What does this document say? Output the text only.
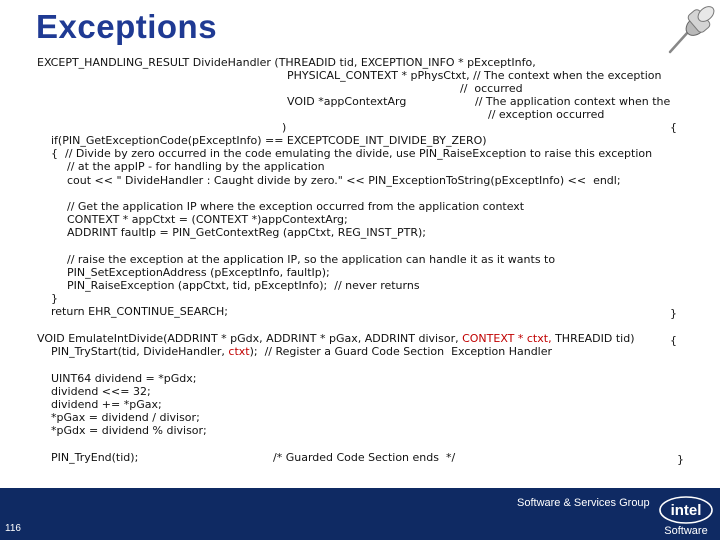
Exceptions
EXCEPT_HANDLING_RESULT DivideHandler (THREADID tid, EXCEPTION_INFO * pExceptInfo,
PHYSICAL_CONTEXT * pPhysCtxt, // The context when the exception
//  occurred
VOID *appContextArg	// The application context when the
// exception occurred
)	{
if(PIN_GetExceptionCode(pExceptInfo) == EXCEPTCODE_INT_DIVIDE_BY_ZERO)
{  // Divide by zero occurred in the code emulating the divide, use PIN_RaiseException to raise this exception
// at the appIP - for handling by the application
cout << " DivideHandler : Caught divide by zero." << PIN_ExceptionToString(pExceptInfo) <<  endl;
// Get the application IP where the exception occurred from the application context
CONTEXT * appCtxt = (CONTEXT *)appContextArg;
ADDRINT faultIp = PIN_GetContextReg (appCtxt, REG_INST_PTR);
// raise the exception at the application IP, so the application can handle it as it wants to
PIN_SetExceptionAddress (pExceptInfo, faultIp);
PIN_RaiseException (appCtxt, tid, pExceptInfo);  // never returns
}
return EHR_CONTINUE_SEARCH;	}
VOID EmulateIntDivide(ADDRINT * pGdx, ADDRINT * pGax, ADDRINT divisor, CONTEXT * ctxt, THREADID tid)	{
PIN_TryStart(tid, DivideHandler, ctxt);  // Register a Guard Code Section  Exception Handler
UINT64 dividend = *pGdx;
dividend <<= 32;
dividend += *pGax;
*pGax = dividend / divisor;
*pGdx = dividend % divisor;
PIN_TryEnd(tid);	/* Guarded Code Section ends  */	}
Software & Services Group
116
intel
Software
